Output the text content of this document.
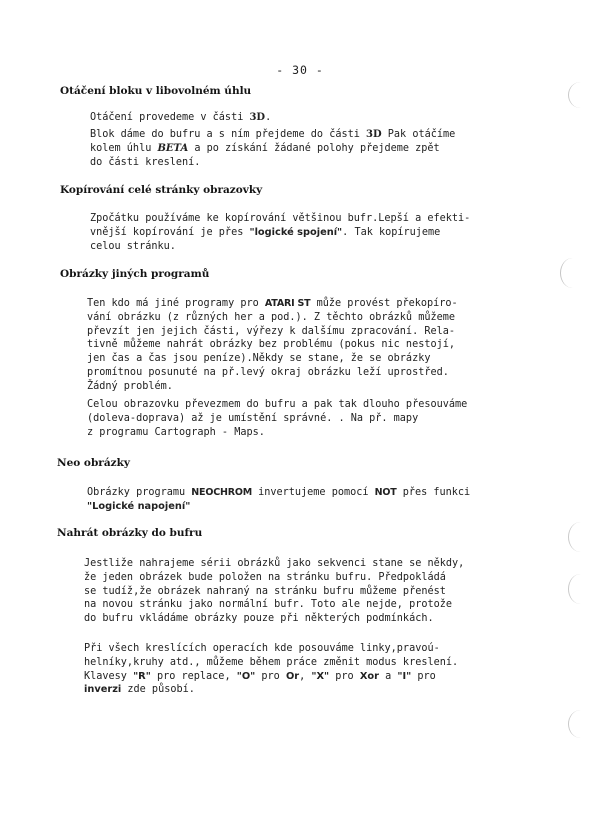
- 30 -
Otáčení bloku v libovolném úhlu
Otáčení provedeme v části 3D.
Blok dáme do bufru a s ním přejdeme do části 3D Pak otáčíme
kolem úhlu BETA a po získání žádané polohy přejdeme zpět
do části kreslení.
Kopírování celé stránky obrazovky
Zpočátku používáme ke kopírování většinou bufr.Lepší a efekti-
vnější kopírování je přes "logické spojení". Tak kopírujeme
celou stránku.
Obrázky jiných programů
Ten kdo má jiné programy pro ATARI ST může provést překopíro-
vání obrázku (z různých her a pod.). Z těchto obrázků můžeme
převzít jen jejich části, výřezy k dalšímu zpracování. Rela-
tivně můžeme nahrát obrázky bez problému (pokus nic nestojí,
jen čas a čas jsou peníze).Někdy se stane, že se obrázky
promítnou posunuté na př.levý okraj obrázku leží uprostřed.
Žádný problém.
Celou obrazovku převezmem do bufru a pak tak dlouho přesouváme
(doleva-doprava) až je umístění správné. . Na př. mapy
z programu Cartograph - Maps.
Neo obrázky
Obrázky programu NEOCHROM invertujeme pomocí NOT přes funkci
"Logické napojení"
Nahrát obrázky do bufru
Jestliže nahrajeme sérii obrázků jako sekvenci stane se někdy,
že jeden obrázek bude položen na stránku bufru. Předpokládá
se tudíž,že obrázek nahraný na stránku bufru můžeme přenést
na novou stránku jako normální bufr. Toto ale nejde, protože
do bufru vkládáme obrázky pouze při některých podmínkách.
Při všech kreslících operacích kde posouváme linky,pravoú-
helníky,kruhy atd., můžeme během práce změnit modus kreslení.
Klavesy "R" pro replace, "O" pro Or, "X" pro Xor a "I" pro
inverzi zde působí.
